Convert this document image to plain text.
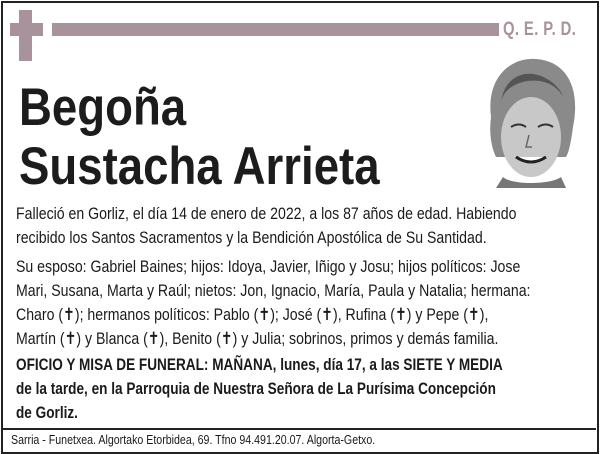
Q. E. P. D.
Begoña
Sustacha Arrieta
Falleció en Gorliz, el día 14 de enero de 2022, a los 87 años de edad. Habiendo
recibido los Santos Sacramentos y la Bendición Apostólica de Su Santidad.
Su esposo: Gabriel Baines; hijos: Idoya, Javier, Iñigo y Josu; hijos políticos: Jose
Mari, Susana, Marta y Raúl; nietos: Jon, Ignacio, María, Paula y Natalia; hermana:
Charo (✝); hermanos políticos: Pablo (✝); José (✝), Rufina (✝) y Pepe (✝),
Martín (✝) y Blanca (✝), Benito (✝) y Julia; sobrinos, primos y demás familia.
OFICIO Y MISA DE FUNERAL: MAÑANA, lunes, día 17, a las SIETE Y MEDIA
de la tarde, en la Parroquia de Nuestra Señora de La Purísima Concepción
de Gorliz.
Sarria - Funetxea. Algortako Etorbidea, 69. Tfno 94.491.20.07. Algorta-Getxo.
